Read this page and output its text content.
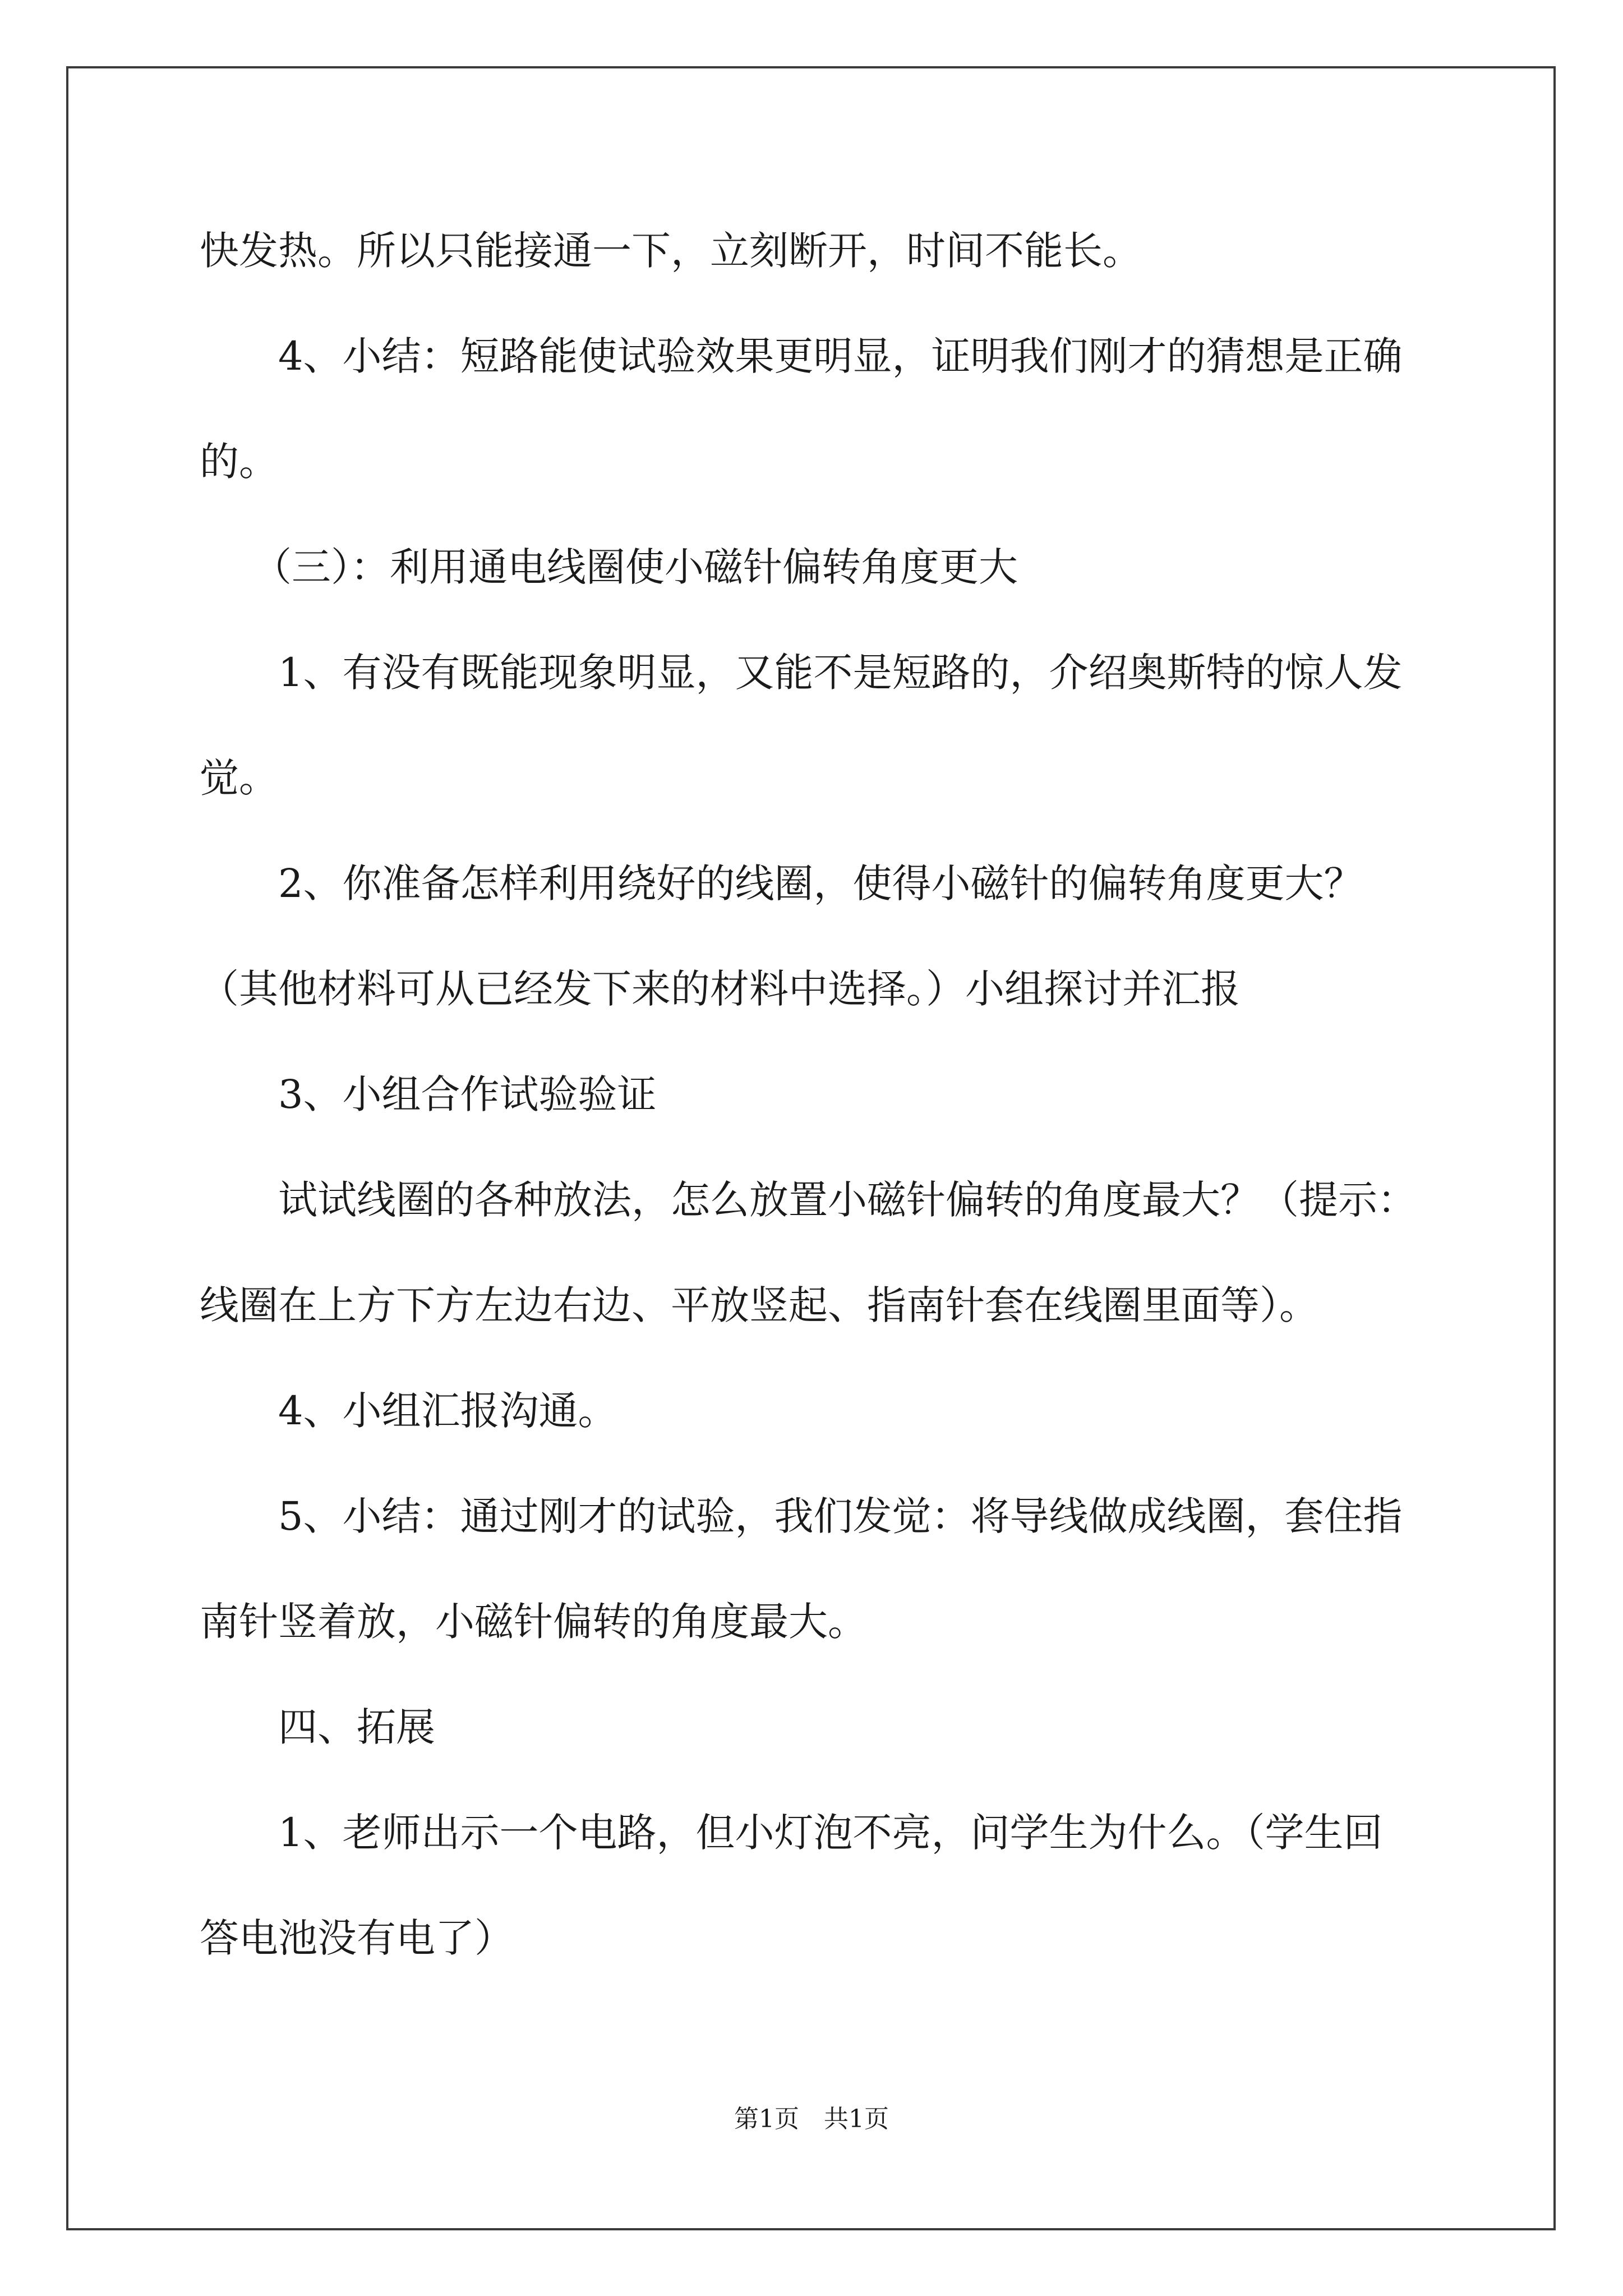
快发热。所以只能接通一下，立刻断开，时间不能长。

4、小结：短路能使试验效果更明显，证明我们刚才的猜想是正确

的。

（三）：利用通电线圈使小磁针偏转角度更大

1、有没有既能现象明显，又能不是短路的，介绍奥斯特的惊人发

觉。

2、你准备怎样利用绕好的线圈，使得小磁针的偏转角度更大？

（其他材料可从已经发下来的材料中选择。）小组探讨并汇报

3、小组合作试验验证

试试线圈的各种放法，怎么放置小磁针偏转的角度最大？（提示：

线圈在上方下方左边右边、平放竖起、指南针套在线圈里面等）。

4、小组汇报沟通。

5、小结：通过刚才的试验，我们发觉：将导线做成线圈，套住指

南针竖着放，小磁针偏转的角度最大。

四、拓展

1、老师出示一个电路，但小灯泡不亮，问学生为什么。（学生回

答电池没有电了）

第1页　共1页
